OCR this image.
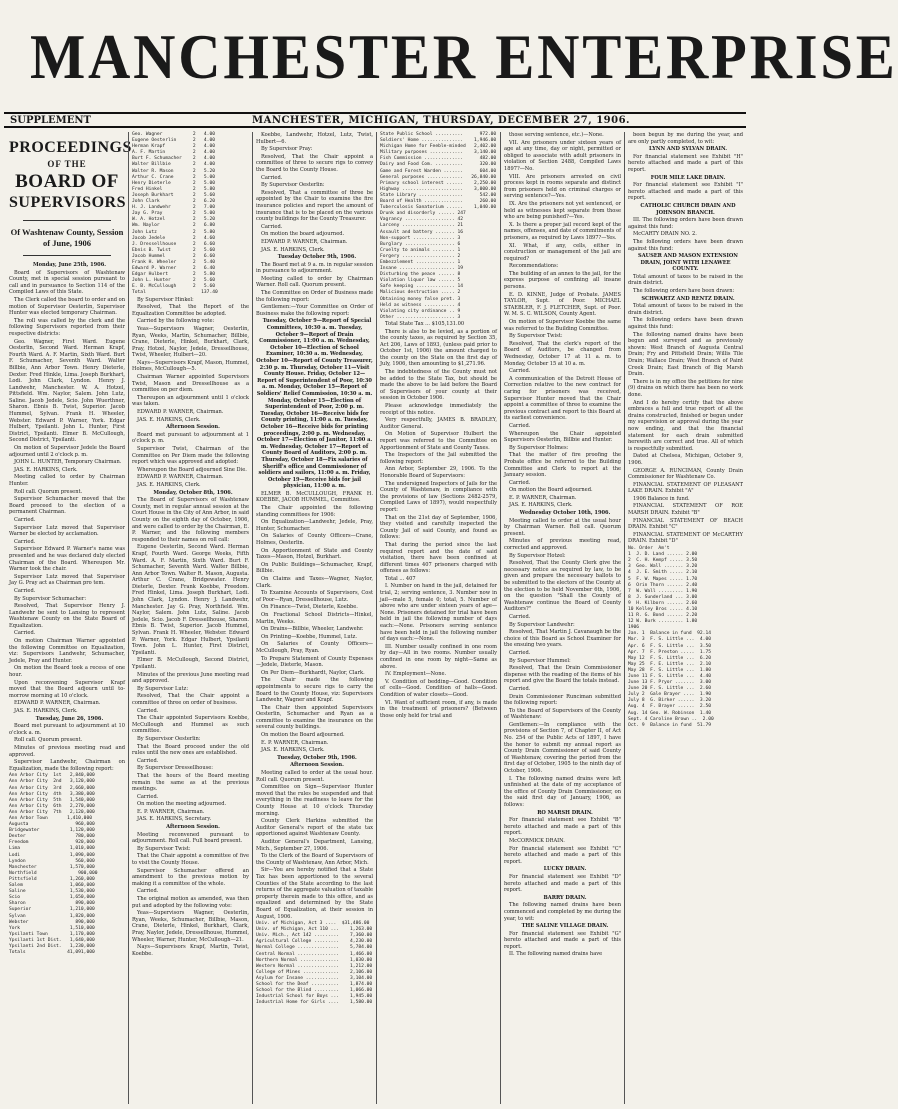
MANCHESTER ENTERPRISE
SUPPLEMENT	MANCHESTER, MICHIGAN, THURSDAY, DECEMBER 27, 1906.
PROCEEDINGS
OF THE
BOARD OF
SUPERVISORS
Of Washtenaw County, Session of June, 1906

Monday, June 25th, 1906.

Board of Supervisors of Washtenaw County, met in special session pursuant to call and in pursuance to Section 114 of the Compiled Laws of this State.

The Clerk called the board to order and on motion of Supervisor Oesterlin, Supervisor Hunter was elected temporary Chairman.

The roll was called by the clerk and the following Supervisors reported from their respective districts:

Geo. Wagner, First Ward. Eugene Oesterlin, Second Ward. Herman Krapf, Fourth Ward. A. F. Martin, Sixth Ward. Burt F. Schumacher, Seventh Ward. Walter Billbie, Ann Arbor Town. Henry Dieterle, Dexter. Fred Hinkle, Lima. Joseph Burkhart, Lodi. John Clark, Lyndon. Henry J. Landwehr, Manchester. W. A. Hotzel, Pittsfield. Wm. Naylor, Salem. John Lutz, Saline. Jacob Jedele, Scio. John Wuerthner, Sharon. Ebnis B. Twist, Superior. Jacob Hummel, Sylvan. Frank H. Wheeler, Webster. Edward P. Warner, York. Edgar Hulbert, Ypsilanti. John L. Hunter, First District, Ypsilanti. Elmer B. McCullough, Second District, Ypsilanti.

On motion of Supervisor Jedele the Board adjourned until 2 o'clock p. m.

JOHN L. HUNTER, Temporary Chairman.

JAS. E. HARKINS, Clerk.

Meeting called to order by Chairman Hunter.

Roll call. Quorum present.

Supervisor Schumacher moved that the Board proceed to the election of a permanent Chairman.

Carried.

Supervisor Lutz moved that Supervisor Warner be elected by acclamation.

Carried.

Supervisor Edward P. Warner's name was presented and he was declared duly elected Chairman of the Board. Whereupon Mr. Warner took the chair.

Supervisor Lutz moved that Supervisor Jay G. Pray act as Chairman pro tem.

Carried.

By Supervisor Schumacher:

Resolved, That Supervisor Henry J. Landwehr be sent to Lansing to represent Washtenaw County on the State Board of Equalization.

Carried.

On motion Chairman Warner appointed the following Committee on Equalization, viz: Supervisors Landwehr, Schumacher, Jedele, Pray and Hunter.

On motion the Board took a recess of one hour.

Upon reconvening Supervisor Krapf moved that the Board adjourn until to-morrow morning at 10 o'clock.

EDWARD P. WARNER, Chairman.

JAS. E. HARKINS, Clerk.

Tuesday, June 26, 1906.

Board met pursuant to adjournment at 10 o'clock a. m.

Roll call. Quorum present.

Minutes of previous meeting read and approved.

Supervisor Landwehr, Chairman on Equalization, made the following report:

Ann Arbor City  1st   2,840,000
Ann Arbor City  2nd   3,120,000
Ann Arbor City  3rd   2,660,000
Ann Arbor City  4th   3,380,000
Ann Arbor City  5th   1,540,000
Ann Arbor City  6th   2,270,000
Ann Arbor City  7th   2,120,000
Ann Arbor Town       1,410,000
Augusta                 960,000
Bridgewater           1,120,000
Dexter                  780,000
Freedom                 920,000
Lima                  1,010,000
Lodi                  1,090,000
Lyndon                  560,000
Manchester            1,570,000
Northfield               900,000
Pittsfield            1,260,000
Salem                 1,060,000
Saline                1,530,000
Scio                  1,650,000
Sharon                  890,000
Superior              1,210,000
Sylvan                1,820,000
Webster                 890,000
York                  1,510,000
Ypsilanti Town        1,170,000
Ypsilanti 1st Dist.   1,640,000
Ypsilanti 2nd Dist.   1,230,000
Totals               41,091,000
Geo. Wagner           2   4.00
Eugene Oesterlin      2   4.00
Herman Krapf          2   4.00
A. F. Martin          2   4.00
Burt F. Schumacher    2   4.00
Walter Billbie        2   4.00
Walter R. Mason       2   5.20
Arthur C. Crane       2   5.00
Henry Dieterle        2   5.00
Fred Hinkel           2   5.80
Joseph Burkhart       2   5.60
John Clark            2   6.20
H. J. Landwehr        2   7.00
Jay G. Pray           2   5.00
W. A. Hotzel          2   5.20
Wm. Naylor            2   6.80
John Lutz             2   5.80
Jacob Jedele          2   4.60
J. Dressellhouse      2   6.60
Ebnis B. Twist        2   5.60
Jacob Hummel          2   6.60
Frank H. Wheeler      2   5.40
Edward P. Warner      2   6.40
Edgar Hulbert         2   5.80
John L. Hunter        2   5.60
E. B. McCullough      2   5.60
Total                    137.40

By Supervisor Hinkel:

Resolved, That the Report of the Equalization Committee be adopted.

Carried by the following vote:

Yeas—Supervisors Wagner, Oesterlin, Ryan, Weeks, Martin, Schumacher, Billbie, Crane, Dieterle, Hinkel, Burkhart, Clark, Pray, Hotzel, Naylor, Jedele, Dressellhouse, Twist, Wheeler, Hulbert—20.

Nays—Supervisors Krapf, Mason, Hummel, Holmes, McCullough—5.

Chairman Warner appointed Supervisors Twist, Mason and Dressellhouse as a committee on per diem.

Thereupon an adjournment until 1 o'clock was taken.

EDWARD P. WARNER, Chairman.

JAS. E. HARKINS, Clerk.

Afternoon Session.

Board met pursuant to adjournment at 1 o'clock p. m.

Supervisor Twist, Chairman of the Committee on Per Diem made the following report which was approved and adopted:

Whereupon the Board adjourned Sine Die.

EDWARD P. WARNER, Chairman.

JAS. E. HARKINS, Clerk.

Monday, October 8th, 1906.

The Board of Supervisors of Washtenaw County, met in regular annual session at the Court House in the City of Ann Arbor, in said County on the eighth day of October, 1906, and were called to order by the Chairman, E. P. Warner, and the following members responded to their names on roll call:

Eugene Oesterlin, Second Ward. Herman Krapf, Fourth Ward. George Weeks, Fifth Ward. A. F. Martin, Sixth Ward. Burt F. Schumacher, Seventh Ward. Walter Billbie, Ann Arbor Town. Walter R. Mason, Augusta. Arthur C. Crane, Bridgewater. Henry Dieterle, Dexter. Frank Koebbe, Freedom. Fred Hinkel, Lima. Joseph Burkhart, Lodi. John Clark, Lyndon. Henry J. Landwehr, Manchester. Jay G. Pray, Northfield. Wm. Naylor, Salem. John Lutz, Saline. Jacob Jedele, Scio. Jacob F. Dressellhouse, Sharon. Ebnis B. Twist, Superior. Jacob Hummel, Sylvan. Frank H. Wheeler, Webster. Edward P. Warner, York. Edgar Hulbert, Ypsilanti Town. John L. Hunter, First District, Ypsilanti.

Elmer B. McCullough, Second District, Ypsilanti.

Minutes of the previous June meeting read and approved.

By Supervisor Lutz:

Resolved, That the Chair appoint a committee of three on order of business.

Carried.

The Chair appointed Supervisors Koebbe, McCullough and Hummel as such committee.

By Supervisor Oesterlin:

That the Board proceed under the old rules until the new ones are established.

Carried.

By Supervisor Dressellhouse:

That the hours of the Board meeting remain the same as at the previous meetings.

Carried.

On motion the meeting adjourned.

E. P. WARNER, Chairman.

JAS. E. HARKINS, Secretary.

Afternoon Session.

Meeting reconvened pursuant to adjournment. Roll call. Full board present.

By Supervisor Twist:

That the Chair appoint a committee of five to visit the County House.

Supervisor Schumacher offered an amendment to the previous motion by making it a committee of the whole.

Carried.

The original motion as amended, was then put and adopted by the following vote:

Yeas—Supervisors Wagner, Oesterlin, Ryan, Weeks, Schumacher, Billbie, Mason, Crane, Dieterle, Hinkel, Burkhart, Clark, Pray, Naylor, Jedele, Dressellhouse, Hummel, Wheeler, Warner, Hunter, McCullough—21.

Nays—Supervisors Krapf, Martin, Twist, Koebbe.

Koebbe, Landwehr, Hotzel, Lutz, Twist, Hulbert—6.

By Supervisor Pray:

Resolved, That the Chair appoint a committee of three to secure rigs to convey the Board to the County House.

Carried.

By Supervisor Oesterlin:

Resolved, That a committee of three be appointed by the Chair to examine the fire insurance policies and report the amount of insurance that is to be placed on the various county buildings for the County Treasurer.

Carried.

On motion the board adjourned.

EDWARD P. WARNER, Chairman.

JAS. E. HARKINS, Clerk.

Tuesday October 9th, 1906.

The Board met at 9 a. m. in regular session in pursuance to adjournment.

Meeting called to order by Chairman Warner. Roll call. Quorum present.

The Committee on Order of Business made the following report:

Gentlemen:—Your Committee on Order of Business make the following report:

Tuesday, October 9—Report of Special Committees, 10:30 a. m. Tuesday, October 9—Report of Drain Commissioner, 11:00 a. m. Wednesday, October 10—Election of School Examiner, 10:30 a. m. Wednesday, October 10—Report of County Treasurer, 2:30 p. m. Thursday, October 11—Visit County House. Friday, October 12—Report of Superintendent of Poor, 10:30 a. m. Monday, October 15—Report of Soldiers' Relief Commission, 10:30 a. m. Monday, October 15—Election of Superintendent of Poor, 2:00 p. m. Tuesday, October 16—Receive bids for County printing, 11:00 a. m. Tuesday, October 16—Receive bids for printing proceedings, 2:00 p. m. Wednesday, October 17—Election of Janitor, 11:00 a. m. Wednesday, October 17—Report of County Board of Auditors, 2:00 p. m. Thursday, October 18—Fix salaries of Sheriff's office and Commissioner of soldiers and sailors, 11:00 a. m. Friday, October 19—Receive bids for jail physician, 11:00 a. m.

ELMER B. McCULLOUGH, FRANK H. KOEBBE, JACOB HUMMEL, Committee.

The Chair appointed the following standing committees for 1906:

On Equalization—Landwehr, Jedele, Pray, Hunter, Schumacher.

On Salaries of County Officers—Crane, Holmes, Oesterlin.

On Apportionment of State and County Taxes—Mason, Hotzel, Burkhart.

On Public Buildings—Schumacher, Krapf, Billbie.

On Claims and Taxes—Wagner, Naylor, Clark.

To Examine Accounts of Supervisors, Cost of Poor—Ryan, Dressellhouse, Lutz.

On Finance—Twist, Dieterle, Koebbe.

On Fractional School Districts—Hinkel, Martin, Weeks.

On Drains—Billbie, Wheeler, Landwehr.

On Printing—Koebbe, Hummel, Lutz.

On Salaries of County Officers—McCullough, Pray, Ryan.

To Prepare Statement of County Expenses—Jedele, Dieterle, Mason.

On Per Diem—Burkhardt, Naylor, Clark.

The Chair made the following appointments to secure rigs to carry the Board to the County House, viz: Supervisors Landwehr, Wagner and Krapf.

The Chair then appointed Supervisors Oesterlin, Schumacher and Ryan as a committee to examine the insurance on the several county buildings.

On motion the Board adjourned.

E. P. WARNER, Chairman.

JAS. E. HARKINS, Clerk.

Tuesday, October 9th, 1906.

Afternoon Session.

Meeting called to order at the usual hour. Roll call. Quorum present.

Committee on Sign—Supervisor Hunter moved that the rules be suspended and that everything in the readiness to leave for the County House at 10 o'clock Thursday morning.

County Clerk Harkins submitted the Auditor General's report of the state tax apportioned against Washtenaw County.

Auditor General's Department, Lansing, Mich., September 27, 1906.

To the Clerk of the Board of Supervisors of the County of Washtenaw, Ann Arbor, Mich.

Sir—You are hereby notified that a State Tax has been apportioned to the several Counties of the State according to the last returns of the aggregate valuation of taxable property therein made to this office, and as equalized and determined by the State Board of Equalization, at their session in August, 1906.

Univ. of Michigan, Act 3 ....  $31,486.00
Univ. of Michigan, Act 110 ...    1,263.00
Univ. Mich., Act 142 .........    7,360.00
Agricultural College .........    4,230.00
Normal College ...............    5,784.00
Central Normal ...............    1,466.00
Northern Normal ..............    1,030.00
Western Normal ...............    1,212.00
College of Mines .............    2,106.00
Asylum for Insane ............    3,104.00
School for the Deaf ..........    1,874.00
School for the Blind .........    1,066.00
Industrial School for Boys ...    1,945.00
Industrial Home for Girls ....    1,580.00
State Public School ..........      972.00
Soldiers' Home ...............    1,946.00
Michigan Home for Feeble-minded   2,402.00
Military purposes ............    3,140.00
Fish Commission ..............      482.00
Dairy and Food Com. ..........      320.00
Game and Forest Warden .......      604.00
General purposes .............   26,840.00
Primary school interest ......    2,250.00
Highway ......................    3,000.00
State Library ................      542.00
Board of Health ..............      260.00
Tuberculosis Sanatorium ......    1,040.00
Drunk and disorderly ...... 247
Vagrancy .................. 42
Larceny ................... 21
Assault and battery ....... 16
Non-support ............... 3
Burglary .................. 6
Cruelty to animals ........ 1
Forgery ................... 2
Embezzlement .............. 1
Insane .................... 19
Disturbing the peace ...... 8
Violation liquor law ...... 5
Safe keeping .............. 14
Malicious destruction ..... 2
Obtaining money false pret. 3
Held as witness ........... 4
Violating city ordinance .. 9
Other ..................... 3

Total State Tax ... $105,131.00

There is also to be levied, as a portion of the county taxes, as required by Section 35, Act 206, Laws of 1893, (unless paid prior to October 1st, 1906) the amount charged to the county on the State on the first day of July, 1906, then amounting to $1,271.96.

The indebtedness of the County must not be added to the State Tax, but should be made the above to be laid before the Board of Supervisors of your county at their session in October 1906.

Please acknowledge immediately the receipt of this notice.

Very respectfully, JAMES B. BRADLEY, Auditor General.

On Motion of Supervisor Hulbert the report was referred to the Committee on Apportionment of State and County Taxes.

The Inspectors of the Jail submitted the following report:

Ann Arbor, September 29, 1906. To the Honorable Board of Supervisors:

The undersigned Inspectors of Jails for the County of Washtenaw, in compliance with the provisions of law (Sections 2482-2579, Compiled Laws of 1897), would respectfully report:

That on the 21st day of September, 1906, they visited and carefully inspected the County Jail of said County, and found as follows:

That during the period since the last required report and the date of said visitation, there have been confined at different times 407 prisoners charged with offenses as follows:

Total ... 407

I. Number on hand in the jail, detained for trial, 2; serving sentence, 3. Number now in jail—male 5, female 0; total, 5. Number of above who are under sixteen years of age—None. Prisoners detained for trial have been held in jail the following number of days each:—None. Prisoners serving sentence have been held in jail the following number of days each:—None.

III. Number usually confined in one room by day—All in two rooms. Number usually confined in one room by night—Same as above.

IV. Employment—None.

V. Condition of bedding—Good. Condition of cells—Good. Condition of halls—Good. Condition of water closets—Good.

VI. Want of sufficient room, if any, is made in the treatment of prisoners? (Between those only held for trial and

those serving sentence, etc.)—None.

VII. Are prisoners under sixteen years of age at any time, day or night, permitted or obliged to associate with adult prisoners in violation of Section 2488, Compiled Laws 1897?—No.

VIII. Are prisoners arrested on civil process kept in rooms separate and distinct from prisoners held on criminal charges or serving sentence?—Yes.

IX. Are the prisoners not yet sentenced, or held as witnesses kept separate from those who are being punished?—Yes.

X. Is there a proper jail record kept of the names, offenses, and date of commitments of prisoners, as required by Laws 1897?—Yes.

XI. What, if any, cells, either in construction or management of the jail are required?

Recommendations:

The building of an annex to the jail, for the express purpose of confining all insane persons.

E. D. KINNE, Judge of Probate. JAMES TAYLOR, Supt. of Poor. MICHAEL STAEBLER, F. J. FLETCHER, Supt. of Poor. W. M. S. C. WILSON, County Agent.

On motion of Supervisor Koebbe the same was referred to the Building Committee.

By Supervisor Twist:

Resolved, That the clerk's report of the Board of Auditors, be changed from Wednesday, October 17 at 11 a. m. to Monday, October 15 at 10 a. m.

Carried.

A communication of the Detroit House of Correction relative to the new contract for caring for prisoners was received, Supervisor Hunter moved that the Chair appoint a committee of three to examine the previous contract and report to this Board at its earliest convenience.

Carried.

Whereupon the Chair appointed Supervisors Oesterlin, Billbie and Hunter.

By Supervisor Holmes:

That the matter of fire proofing the Probate office be referred to the Building Committee and Clerk to report at the January session.

Carried.

On motion the Board adjourned.

E. P. WARNER, Chairman.

JAS. E. HARKINS, Clerk.

Wednesday October 10th, 1906.

Meeting called to order at the usual hour by Chairman Warner. Roll call. Quorum present.

Minutes of previous meeting read, corrected and approved.

By Supervisor Hotzel:

Resolved, That the County Clerk give the necessary notice as required by law, to be given and prepare the necessary ballots to be submitted to the electors of the County at the election to be held November 6th, 1906, on the question "Shall the County of Washtenaw continue the Board of County Auditors?"

Carried.

By Supervisor Landwehr:

Resolved, That Martin J. Cavanaugh be the choice of this Board as School Examiner for the ensuing two years.

Carried.

By Supervisor Hummel:

Resolved, That the Drain Commissioner dispense with the reading of the items of his report and give the Board the totals instead.

Carried.

Drain Commissioner Runciman submitted the following report:

To the Board of Supervisors of the County of Washtenaw:

Gentlemen:—In compliance with the provisions of Section 7, of Chapter II, of Act No. 254 of the Public Acts of 1897, I have the honor to submit my annual report as County Drain Commissioner of said County of Washtenaw, covering the period from the first day of October, 1905 to the ninth day of October, 1906.

I. The following named drains were left unfinished at the date of my acceptance of the office of County Drain Commissioner, on the said first day of January, 1906, as follows:

RO MARSH DRAIN.

For financial statement see Exhibit "B" hereto attached and made a part of this report.

McCORMICK DRAIN.

For financial statement see Exhibit "C" hereto attached and made a part of this report.

LUCKY DRAIN.

For financial statement see Exhibit "D" hereto attached and made a part of this report.

BARRY DRAIN.

The following named drains have been commenced and completed by me during the year, to wit:

THE SALINE VILLAGE DRAIN.

For financial statement see Exhibit "G" hereto attached and made a part of this report.

II. The following named drains have

been begun by me during the year, and are only partly completed, to wit:

LYNN AND SYLVAN DRAIN.

For financial statement see Exhibit "H" hereto attached and made a part of this report.

FOUR MILE LAKE DRAIN.

For financial statement see Exhibit "I" hereto attached and made a part of this report.

CATHOLIC CHURCH DRAIN AND JOHNSON BRANCH.

III. The following orders have been drawn against this fund:

McCARTY DRAIN NO. 2.

The following orders have been drawn against this fund:

SAUSER AND MASON EXTENSION DRAIN, JOINT WITH LENAWEE COUNTY.

Total amount of taxes to be raised in the drain district.

The following orders have been drawn:

SCHWARTZ AND RENTZ DRAIN.

Total amount of taxes to be raised in the drain district.

The following orders have been drawn against this fund:

The following named drains have been begun and surveyed and as previously shown: West Branch of Augusta Central Drain; Fry and Pittsfield Drain; Willis Tile Drain; Wallace Drain; West Branch of Paint Creek Drain; East Branch of Big Marsh Drain.

There is in my office the petitions for nine (9) drains on which there has been no work done.

And I do hereby certify that the above embraces a full and true report of all the drains constructed, finished or begun under my supervision or approval during the year now ending, and that the financial statement for each drain submitted herewith are correct and true. All of which is respectfully submitted.

Dated at Chelsea, Michigan, October 9, 1906.

GEORGE A. RUNCIMAN, County Drain Commissioner for Washtenaw Co.

FINANCIAL STATEMENT OF PLEASANT LAKE DRAIN. Exhibit "A"

1906 Balance in fund.

FINANCIAL STATEMENT OF ROE MARSH DRAIN. Exhibit "B"

FINANCIAL STATEMENT OF BEACH DRAIN. Exhibit "C"

FINANCIAL STATEMENT OF McCARTHY DRAIN. Exhibit "D"

No. Order  Am't
1  J. D. Land ...... 2.00
2  C. H. Kempf ..... 3.50
3  Geo. Wall ....... 3.20
4  J. E. Smith ..... 2.10
5  F. W. Mapes ..... 1.70
6  Orin Thorn ...... 2.40
7  W. Wall ......... 1.90
8  J. Sunderland ... 3.00
9  H. Kilborn ...... 2.60
10 Kelley Bros ..... 4.10
11 R. G. Bond ...... 2.20
12 W. Burk ......... 1.80
1906
Jan. 1  Balance in fund  92.14
Mar. 3  F. S. Little ...  4.00
Apr. 6  F. S. Little ...  3.50
Apr. 7  F. Preston .....  1.75
May 12  F. S. Little ...  6.20
May 25  F. E. Little ...  2.10
May 28  F. S. Little ...  1.80
June 11 F. S. Little ...  4.40
June 13 F. Pryor .......  3.00
June 20 F. S. Little ...  2.60
July 2  Gale Brayer ....  1.90
July 8  G. Birker ......  3.20
Aug. 4  F. Brayer ......  2.50
Aug. 14 Geo. W. Robinson  1.40
Sept. 4 Caroline Brown ..  2.00
Oct. 9  Balance in fund  51.79
